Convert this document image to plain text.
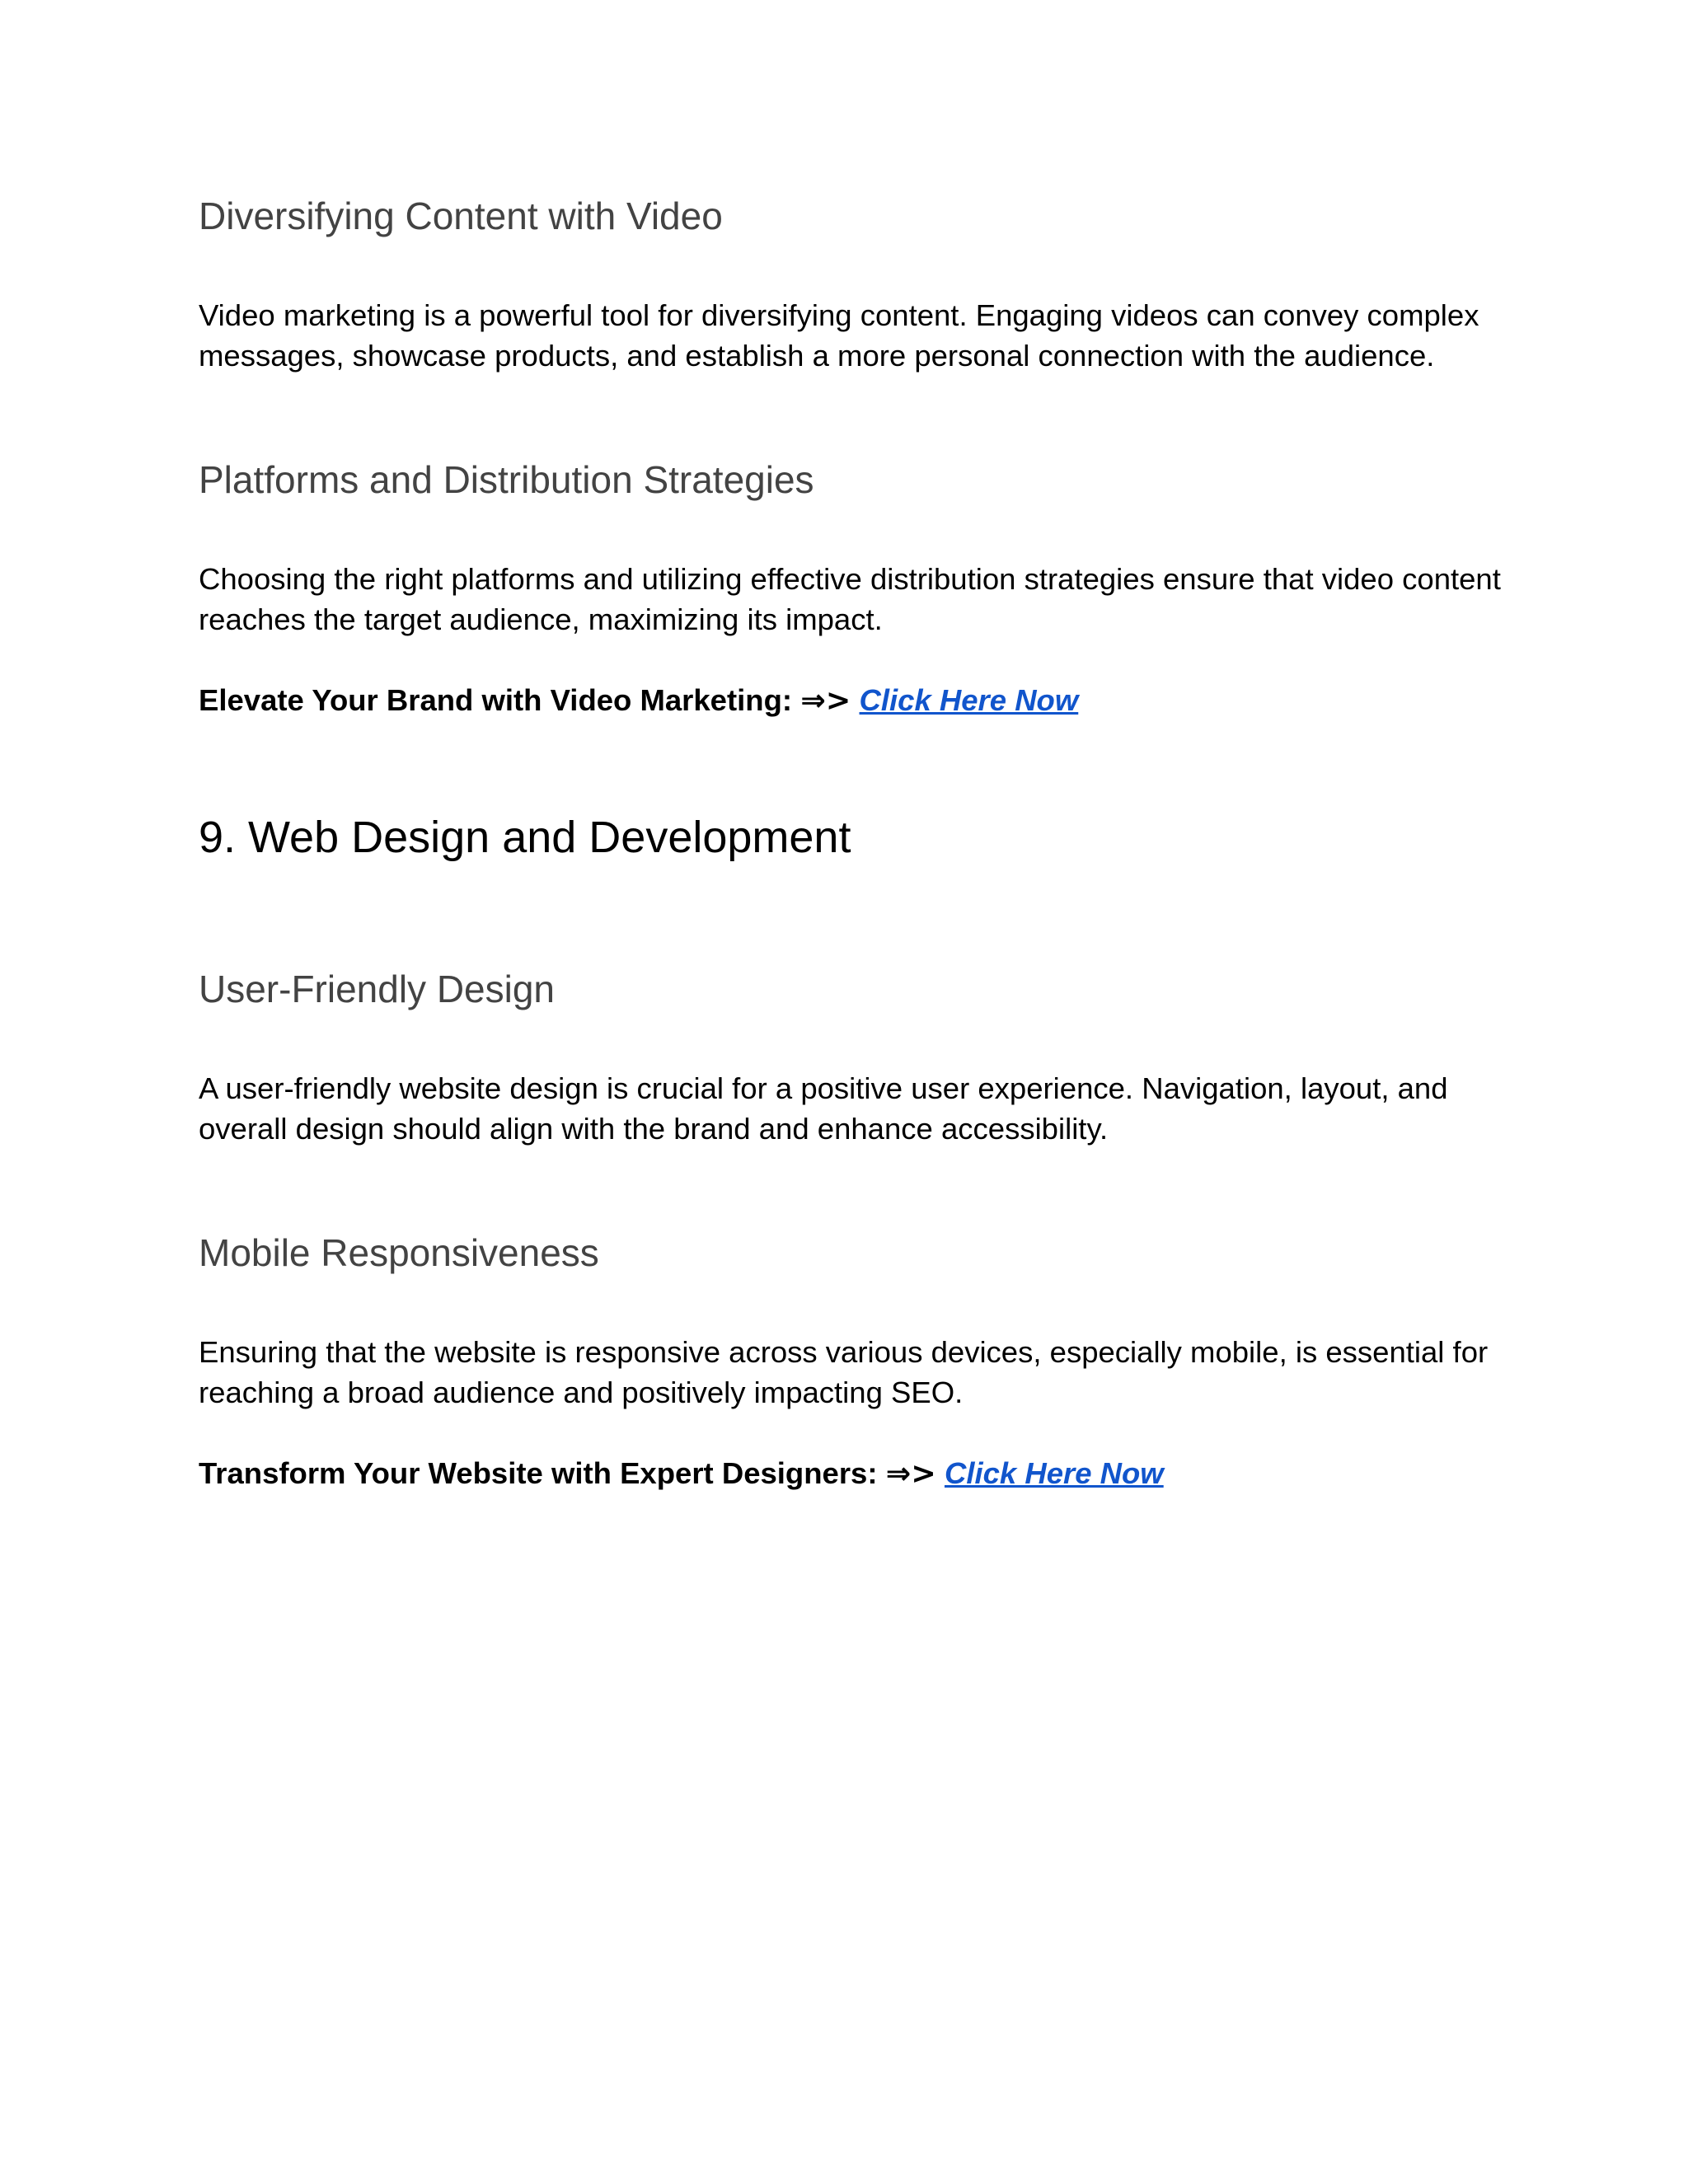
Diversifying Content with Video

Video marketing is a powerful tool for diversifying content. Engaging videos can convey complex messages, showcase products, and establish a more personal connection with the audience.

Platforms and Distribution Strategies

Choosing the right platforms and utilizing effective distribution strategies ensure that video content reaches the target audience, maximizing its impact.

Elevate Your Brand with Video Marketing: ⇒> Click Here Now

9. Web Design and Development
User-Friendly Design

A user-friendly website design is crucial for a positive user experience. Navigation, layout, and overall design should align with the brand and enhance accessibility.

Mobile Responsiveness

Ensuring that the website is responsive across various devices, especially mobile, is essential for reaching a broad audience and positively impacting SEO.

Transform Your Website with Expert Designers: ⇒> Click Here Now
